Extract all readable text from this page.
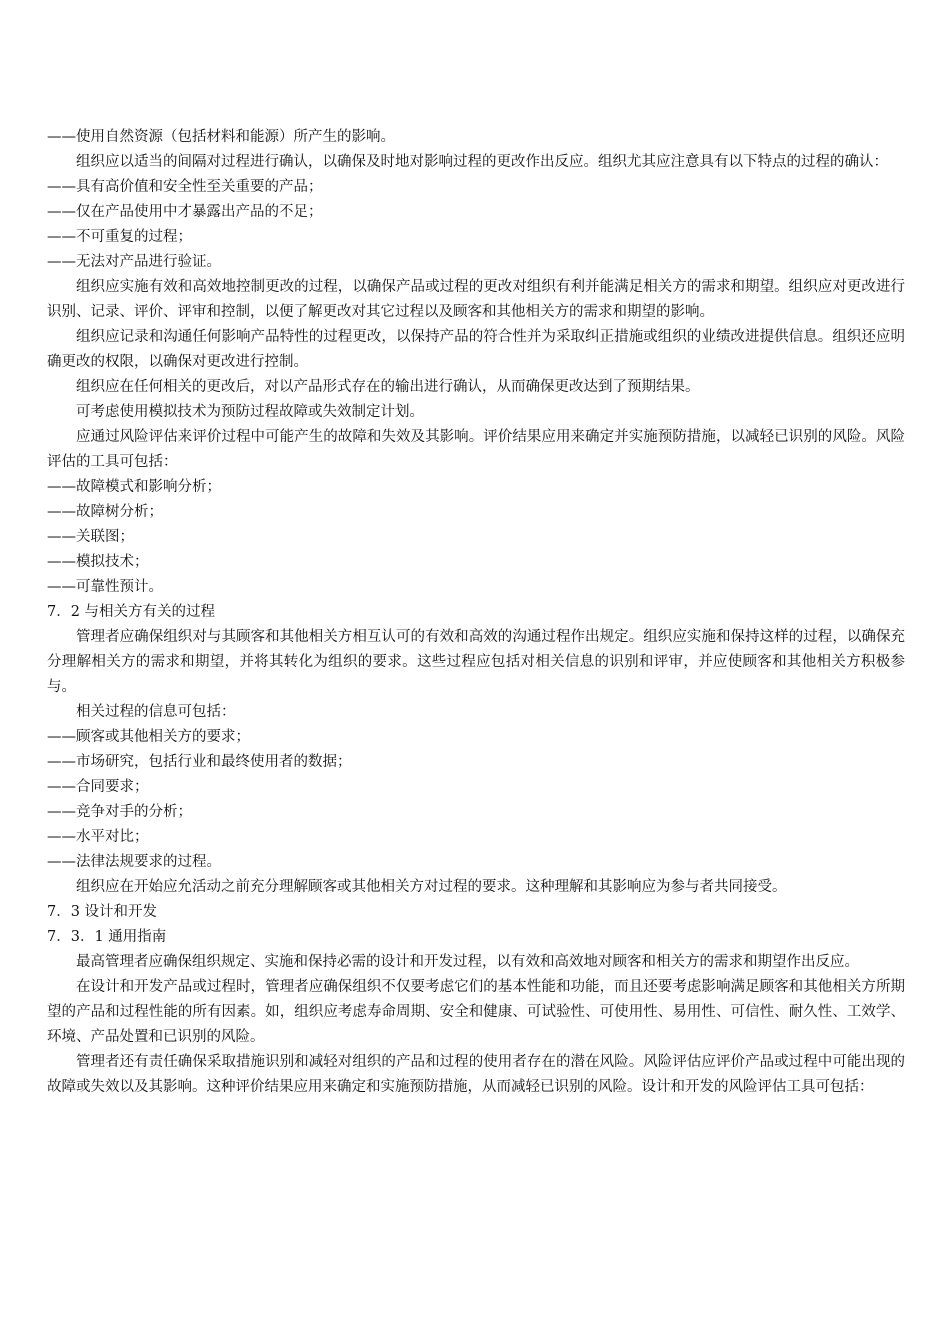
——使用自然资源（包括材料和能源）所产生的影响。

组织应以适当的间隔对过程进行确认，以确保及时地对影响过程的更改作出反应。组织尤其应注意具有以下特点的过程的确认：

——具有高价值和安全性至关重要的产品；

——仅在产品使用中才暴露出产品的不足；

——不可重复的过程；

——无法对产品进行验证。

组织应实施有效和高效地控制更改的过程，以确保产品或过程的更改对组织有利并能满足相关方的需求和期望。组织应对更改进行识别、记录、评价、评审和控制，以便了解更改对其它过程以及顾客和其他相关方的需求和期望的影响。

组织应记录和沟通任何影响产品特性的过程更改，以保持产品的符合性并为采取纠正措施或组织的业绩改进提供信息。组织还应明确更改的权限，以确保对更改进行控制。

组织应在任何相关的更改后，对以产品形式存在的输出进行确认，从而确保更改达到了预期结果。

可考虑使用模拟技术为预防过程故障或失效制定计划。

应通过风险评估来评价过程中可能产生的故障和失效及其影响。评价结果应用来确定并实施预防措施，以减轻已识别的风险。风险评估的工具可包括：

——故障模式和影响分析；

——故障树分析；

——关联图；

——模拟技术；

——可靠性预计。

7．2 与相关方有关的过程

管理者应确保组织对与其顾客和其他相关方相互认可的有效和高效的沟通过程作出规定。组织应实施和保持这样的过程，以确保充分理解相关方的需求和期望，并将其转化为组织的要求。这些过程应包括对相关信息的识别和评审，并应使顾客和其他相关方积极参与。

相关过程的信息可包括：

——顾客或其他相关方的要求；

——市场研究，包括行业和最终使用者的数据；

——合同要求；

——竞争对手的分析；

——水平对比；

——法律法规要求的过程。

组织应在开始应允活动之前充分理解顾客或其他相关方对过程的要求。这种理解和其影响应为参与者共同接受。

7．3 设计和开发

7．3．1 通用指南

最高管理者应确保组织规定、实施和保持必需的设计和开发过程，以有效和高效地对顾客和相关方的需求和期望作出反应。

在设计和开发产品或过程时，管理者应确保组织不仅要考虑它们的基本性能和功能，而且还要考虑影响满足顾客和其他相关方所期望的产品和过程性能的所有因素。如，组织应考虑寿命周期、安全和健康、可试验性、可使用性、易用性、可信性、耐久性、工效学、环境、产品处置和已识别的风险。

管理者还有责任确保采取措施识别和减轻对组织的产品和过程的使用者存在的潜在风险。风险评估应评价产品或过程中可能出现的故障或失效以及其影响。这种评价结果应用来确定和实施预防措施，从而减轻已识别的风险。设计和开发的风险评估工具可包括：
